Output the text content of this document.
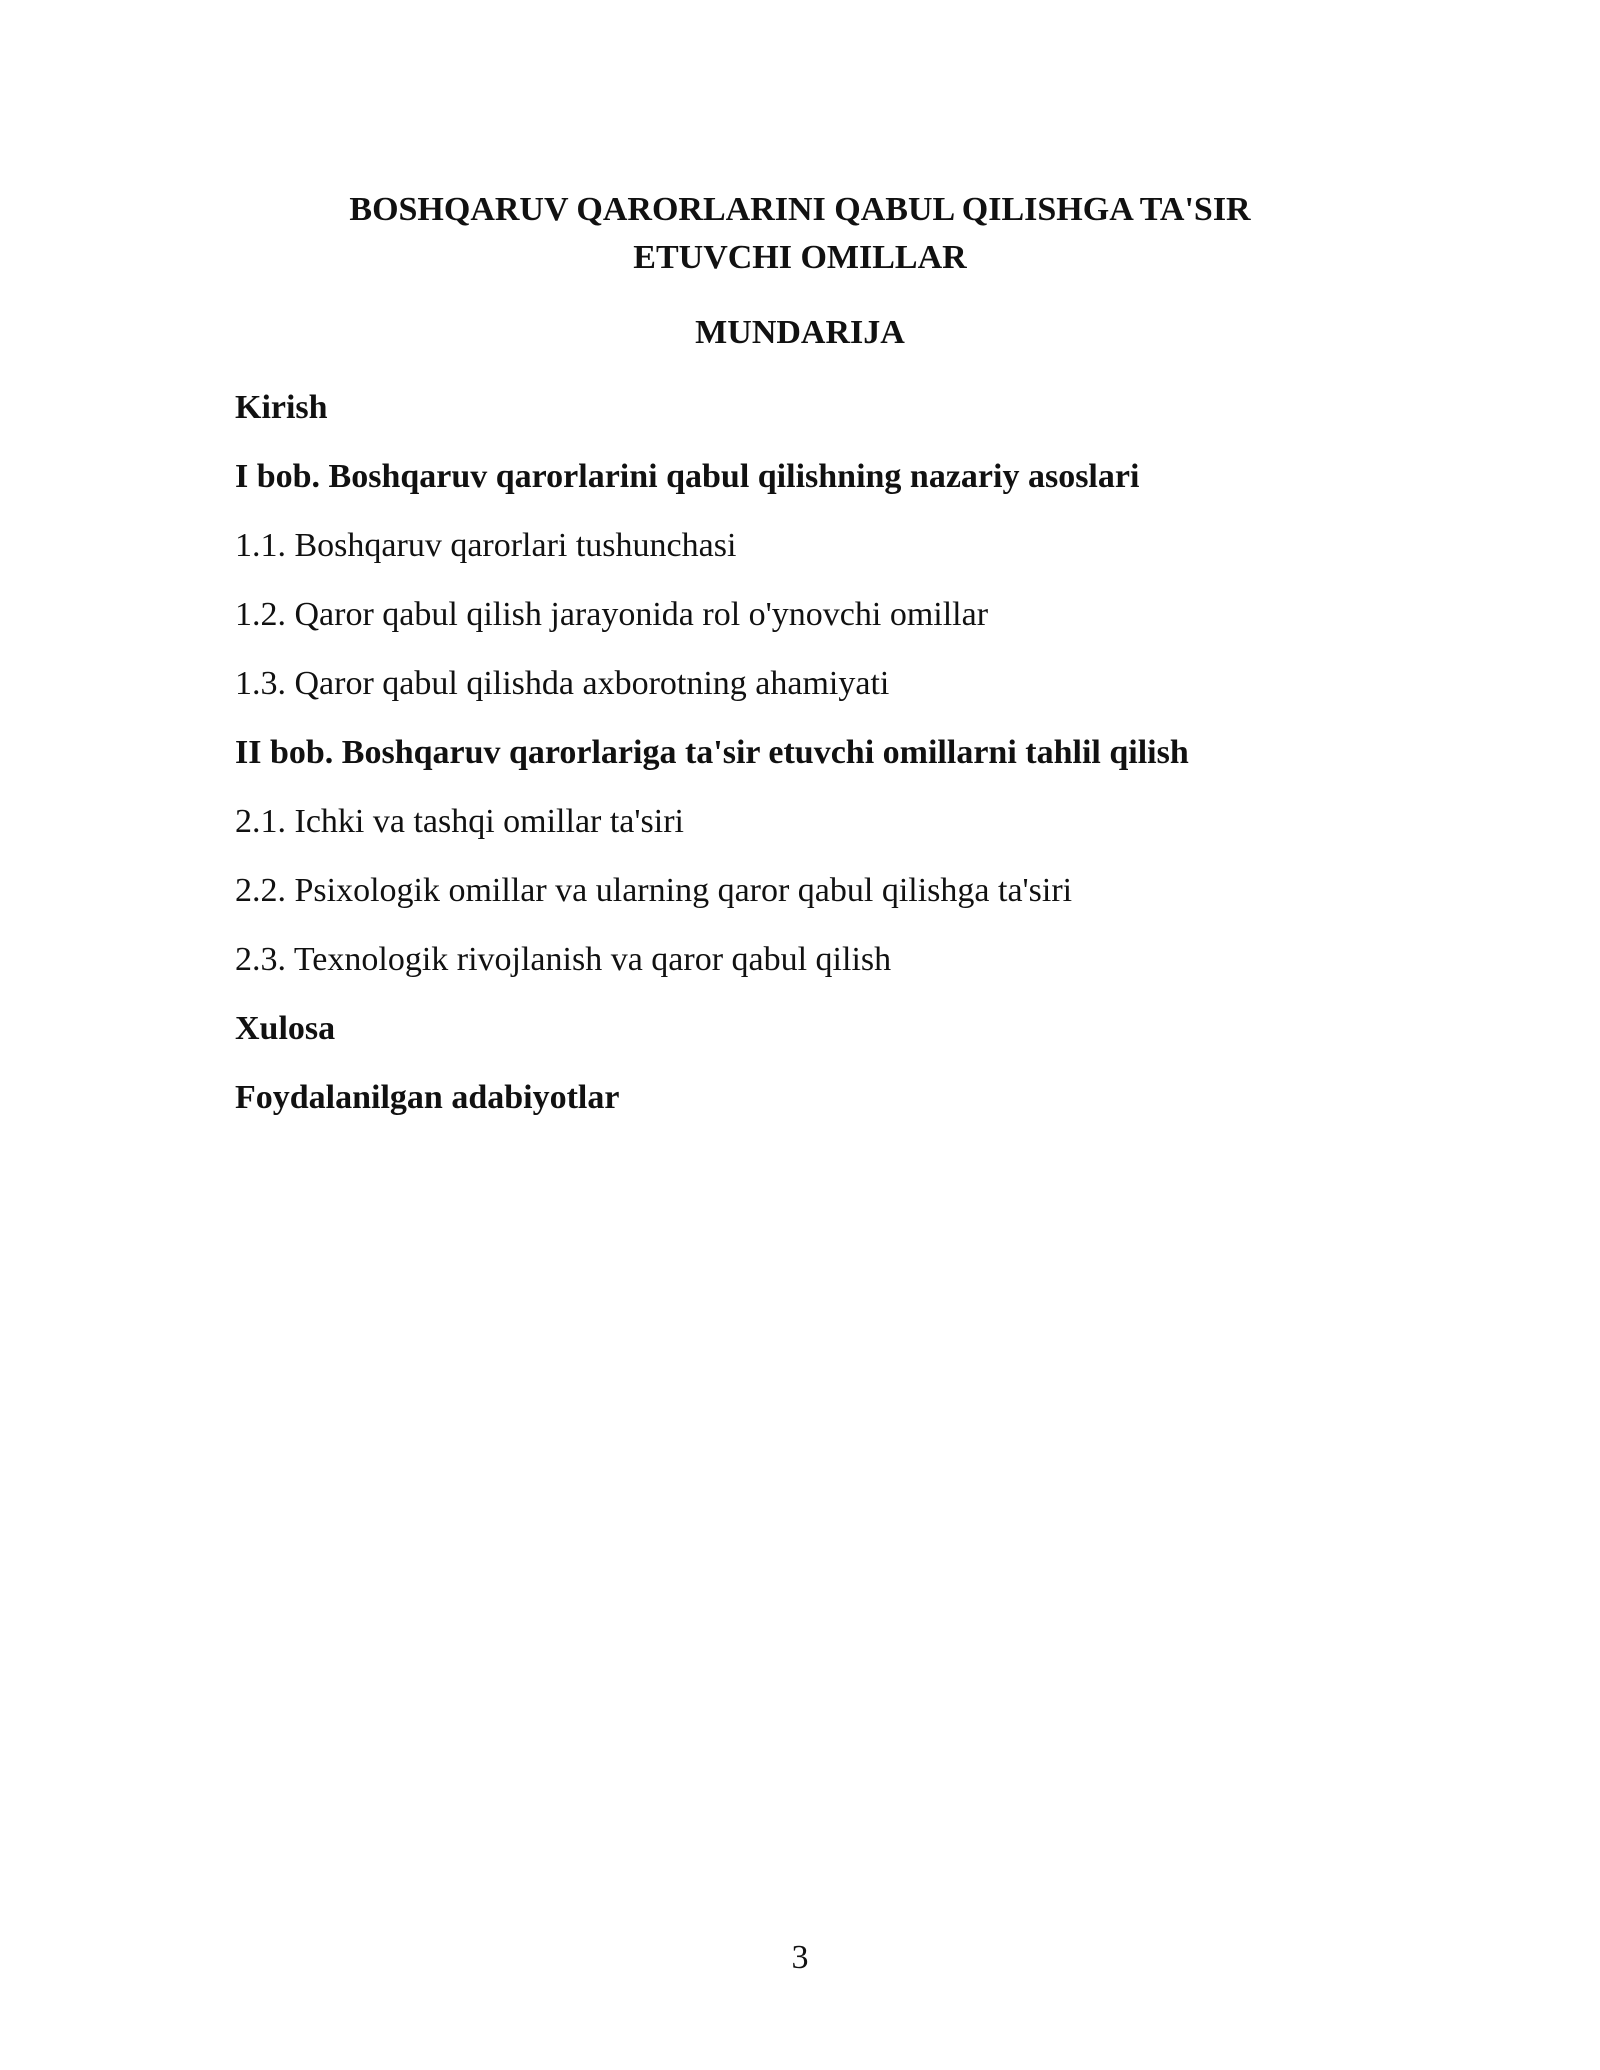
BOSHQARUV QARORLARINI QABUL QILISHGA TA'SIR
ETUVCHI OMILLAR
MUNDARIJA
Kirish
I bob. Boshqaruv qarorlarini qabul qilishning nazariy asoslari
1.1. Boshqaruv qarorlari tushunchasi
1.2. Qaror qabul qilish jarayonida rol o'ynovchi omillar
1.3. Qaror qabul qilishda axborotning ahamiyati
II bob. Boshqaruv qarorlariga ta'sir etuvchi omillarni tahlil qilish
2.1. Ichki va tashqi omillar ta'siri
2.2. Psixologik omillar va ularning qaror qabul qilishga ta'siri
2.3. Texnologik rivojlanish va qaror qabul qilish
Xulosa
Foydalanilgan adabiyotlar
3
